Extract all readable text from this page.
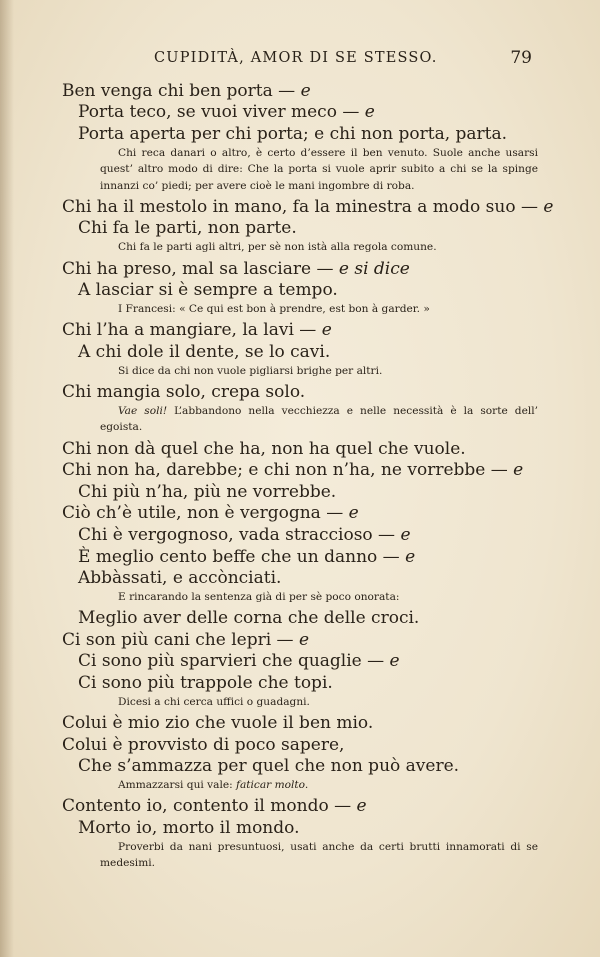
CUPIDITÀ, AMOR DI SE STESSO.	79
Ben venga chi ben porta — e
Porta teco, se vuoi viver meco — e
Porta aperta per chi porta; e chi non porta, parta.
Chi reca danari o altro, è certo d’essere il ben venuto. Suole anche usarsi quest’ altro modo di dire: Che la porta si vuole aprir subito a chi se la spinge innanzi co’ piedi; per avere cioè le mani ingombre di roba.
Chi ha il mestolo in mano, fa la minestra a modo suo — e
Chi fa le parti, non parte.
Chi fa le parti agli altri, per sè non istà alla regola comune.
Chi ha preso, mal sa lasciare — e si dice
A lasciar si è sempre a tempo.
I Francesi: « Ce qui est bon à prendre, est bon à garder. »
Chi l’ha a mangiare, la lavi — e
A chi dole il dente, se lo cavi.
Si dice da chi non vuole pigliarsi brighe per altri.
Chi mangia solo, crepa solo.
Vae soli! L’abbandono nella vecchiezza e nelle necessità è la sorte dell’ egoista.
Chi non dà quel che ha, non ha quel che vuole.
Chi non ha, darebbe; e chi non n’ha, ne vorrebbe — e
Chi più n’ha, più ne vorrebbe.
Ciò ch’è utile, non è vergogna — e
Chi è vergognoso, vada straccioso — e
È meglio cento beffe che un danno — e
Abbàssati, e accònciati.
E rincarando la sentenza già di per sè poco onorata:
Meglio aver delle corna che delle croci.
Ci son più cani che lepri — e
Ci sono più sparvieri che quaglie — e
Ci sono più trappole che topi.
Dicesi a chi cerca uffici o guadagni.
Colui è mio zio che vuole il ben mio.
Colui è provvisto di poco sapere,
Che s’ammazza per quel che non può avere.
Ammazzarsi qui vale: faticar molto.
Contento io, contento il mondo — e
Morto io, morto il mondo.
Proverbi da nani presuntuosi, usati anche da certi brutti innamorati di se medesimi.
